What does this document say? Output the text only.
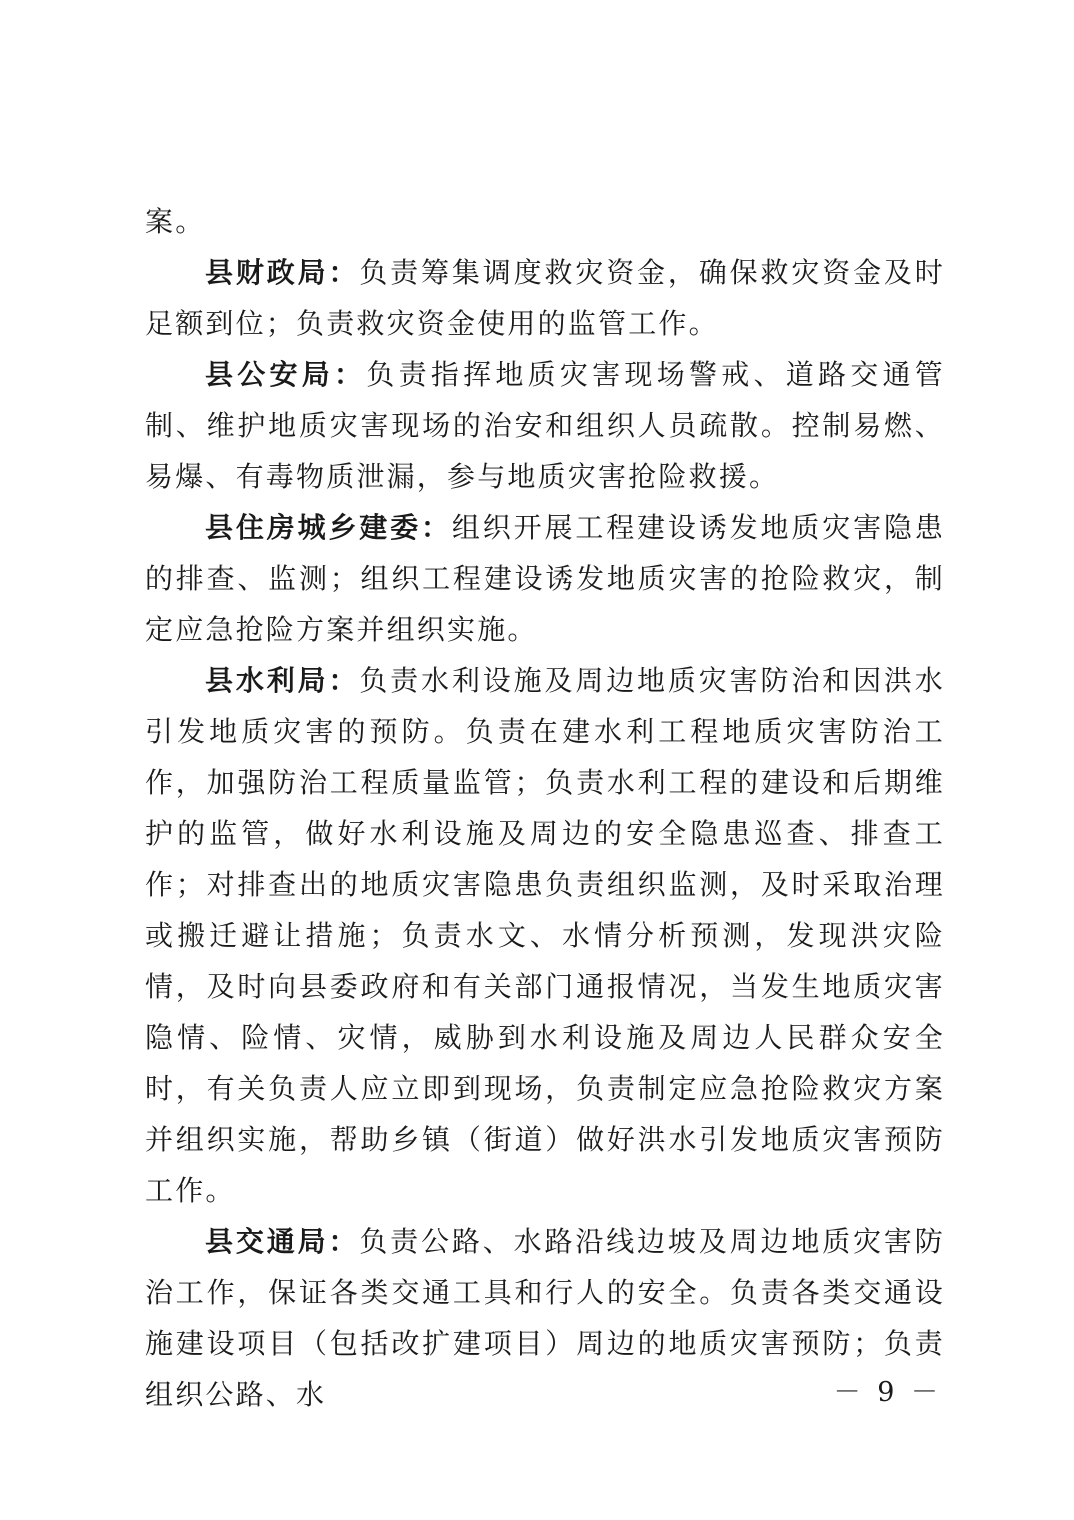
案。

县财政局：负责筹集调度救灾资金，确保救灾资金及时足额到位；负责救灾资金使用的监管工作。

县公安局：负责指挥地质灾害现场警戒、道路交通管制、维护地质灾害现场的治安和组织人员疏散。控制易燃、易爆、有毒物质泄漏，参与地质灾害抢险救援。

县住房城乡建委：组织开展工程建设诱发地质灾害隐患的排查、监测；组织工程建设诱发地质灾害的抢险救灾，制定应急抢险方案并组织实施。

县水利局：负责水利设施及周边地质灾害防治和因洪水引发地质灾害的预防。负责在建水利工程地质灾害防治工作，加强防治工程质量监管；负责水利工程的建设和后期维护的监管，做好水利设施及周边的安全隐患巡查、排查工作；对排查出的地质灾害隐患负责组织监测，及时采取治理或搬迁避让措施；负责水文、水情分析预测，发现洪灾险情，及时向县委政府和有关部门通报情况，当发生地质灾害隐情、险情、灾情，威胁到水利设施及周边人民群众安全时，有关负责人应立即到现场，负责制定应急抢险救灾方案并组织实施，帮助乡镇（街道）做好洪水引发地质灾害预防工作。

县交通局：负责公路、水路沿线边坡及周边地质灾害防治工作，保证各类交通工具和行人的安全。负责各类交通设施建设项目（包括改扩建项目）周边的地质灾害预防；负责组织公路、水	－ 9 －
